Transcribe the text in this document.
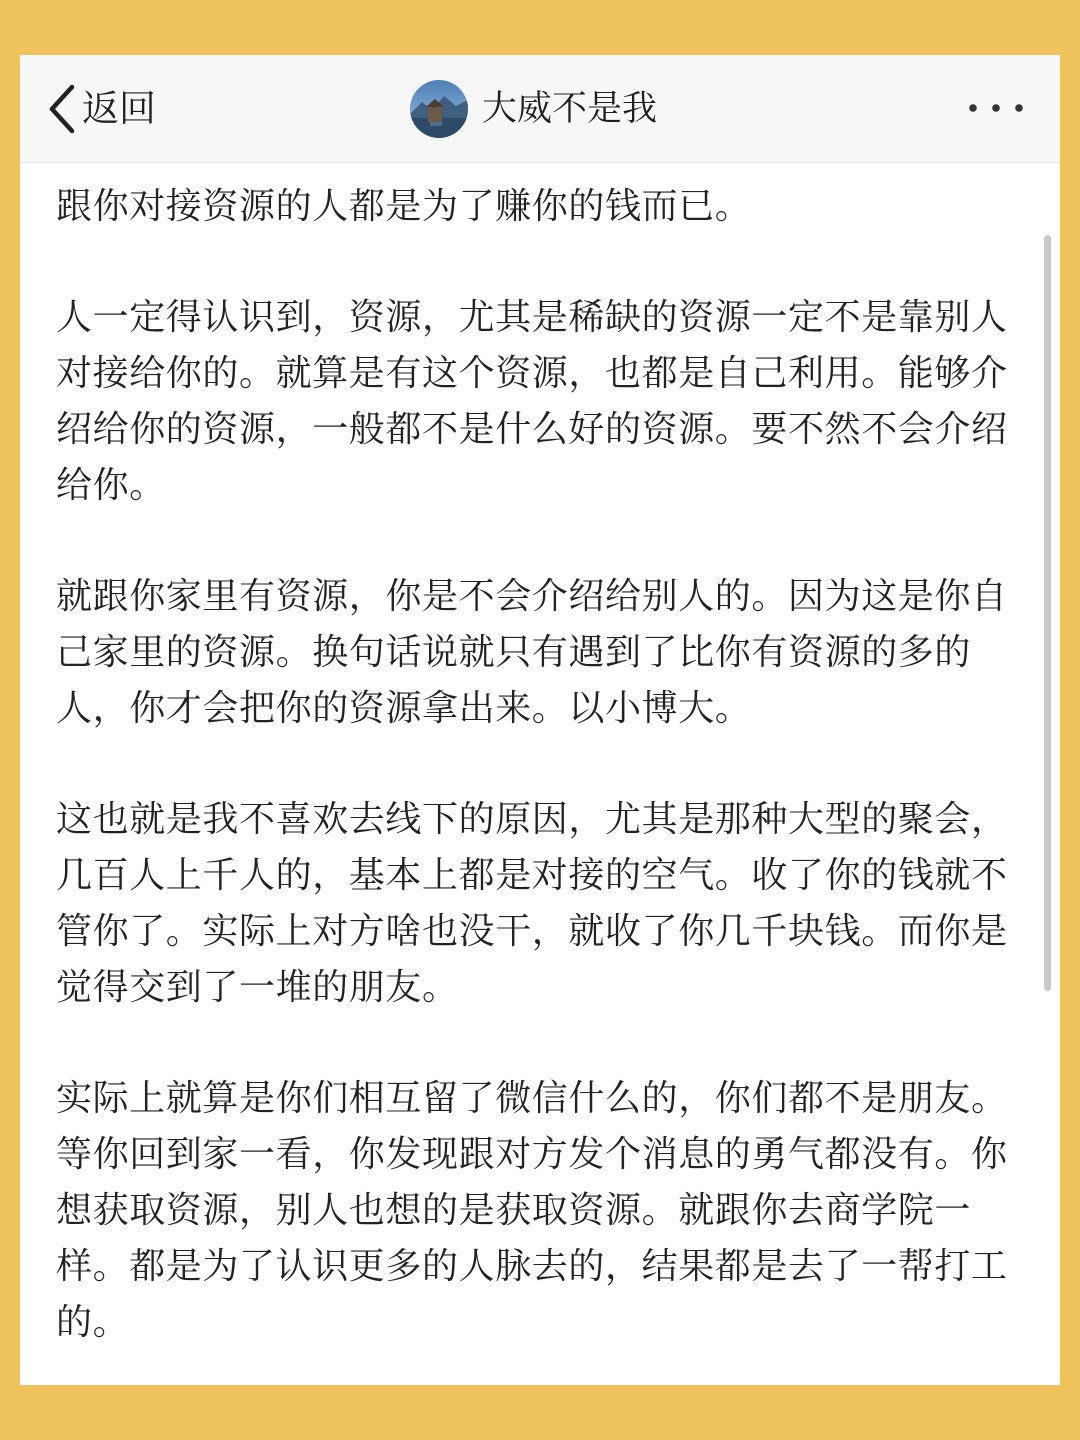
返回	大威不是我

跟你对接资源的人都是为了赚你的钱而已。

人一定得认识到，资源，尤其是稀缺的资源一定不是靠别人对接给你的。就算是有这个资源，也都是自己利用。能够介绍给你的资源，一般都不是什么好的资源。要不然不会介绍给你。

就跟你家里有资源，你是不会介绍给别人的。因为这是你自己家里的资源。换句话说就只有遇到了比你有资源的多的人，你才会把你的资源拿出来。以小博大。

这也就是我不喜欢去线下的原因，尤其是那种大型的聚会，几百人上千人的，基本上都是对接的空气。收了你的钱就不管你了。实际上对方啥也没干，就收了你几千块钱。而你是觉得交到了一堆的朋友。

实际上就算是你们相互留了微信什么的，你们都不是朋友。等你回到家一看，你发现跟对方发个消息的勇气都没有。你想获取资源，别人也想的是获取资源。就跟你去商学院一样。都是为了认识更多的人脉去的，结果都是去了一帮打工的。
